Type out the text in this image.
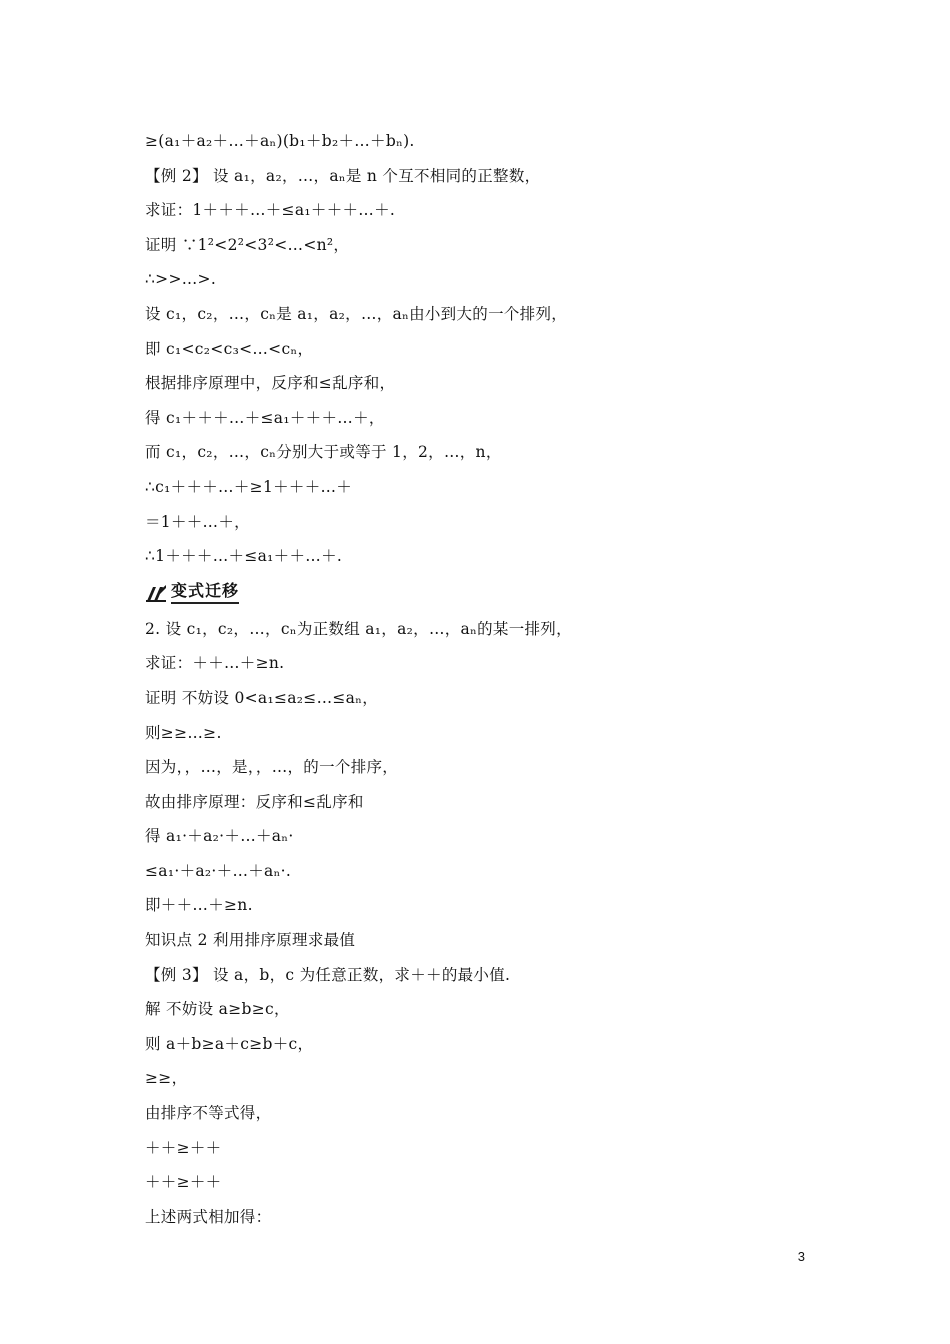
≥(a₁＋a₂＋…＋aₙ)(b₁＋b₂＋…＋bₙ).
【例 2】 设 a₁，a₂，…，aₙ是 n 个互不相同的正整数，
求证：1＋＋＋…＋≤a₁＋＋＋…＋.
证明 ∵1²<2²<3²<…<n²，
∴>>…>.
设 c₁，c₂，…，cₙ是 a₁，a₂，…，aₙ由小到大的一个排列，
即 c₁<c₂<c₃<…<cₙ，
根据排序原理中，反序和≤乱序和，
得 c₁＋＋＋…＋≤a₁＋＋＋…＋，
而 c₁，c₂，…，cₙ分别大于或等于 1，2，…，n，
∴c₁＋＋＋…＋≥1＋＋＋…＋
＝1＋＋…＋，
∴1＋＋＋…＋≤a₁＋＋…＋.
变式迁移
2. 设 c₁，c₂，…，cₙ为正数组 a₁，a₂，…，aₙ的某一排列，
求证：＋＋…＋≥n.
证明 不妨设 0<a₁≤a₂≤…≤aₙ，
则≥≥…≥.
因为，，…，是，，…，的一个排序，
故由排序原理：反序和≤乱序和
得 a₁·＋a₂·＋…＋aₙ·
≤a₁·＋a₂·＋…＋aₙ·.
即＋＋…＋≥n.
知识点 2 利用排序原理求最值
【例 3】 设 a，b，c 为任意正数，求＋＋的最小值.
解 不妨设 a≥b≥c，
则 a＋b≥a＋c≥b＋c，
≥≥，
由排序不等式得，
＋＋≥＋＋
＋＋≥＋＋
上述两式相加得：
3
